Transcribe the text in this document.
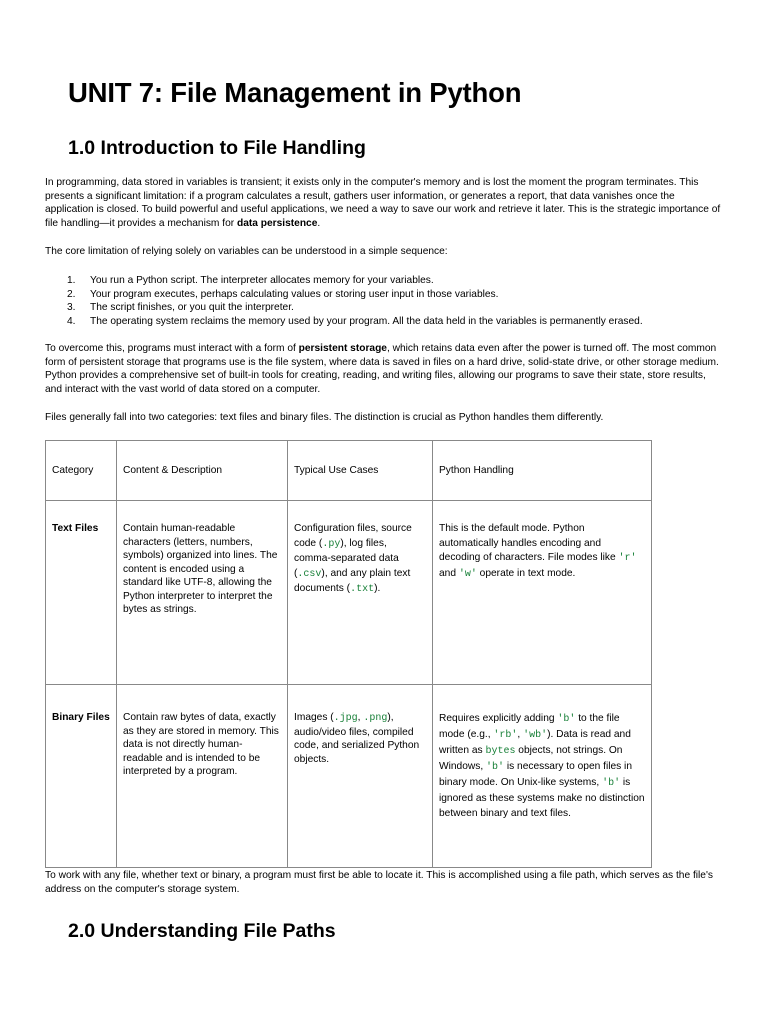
UNIT 7: File Management in Python
1.0 Introduction to File Handling

In programming, data stored in variables is transient; it exists only in the computer's memory and is lost the moment the program terminates. This presents a significant limitation: if a program calculates a result, gathers user information, or generates a report, that data vanishes once the application is closed. To build powerful and useful applications, we need a way to save our work and retrieve it later. This is the strategic importance of file handling—it provides a mechanism for data persistence.

The core limitation of relying solely on variables can be understood in a simple sequence:

1. You run a Python script. The interpreter allocates memory for your variables.
2. Your program executes, perhaps calculating values or storing user input in those variables.
3. The script finishes, or you quit the interpreter.
4. The operating system reclaims the memory used by your program. All the data held in the variables is permanently erased.

To overcome this, programs must interact with a form of persistent storage, which retains data even after the power is turned off. The most common form of persistent storage that programs use is the file system, where data is saved in files on a hard drive, solid-state drive, or other storage medium. Python provides a comprehensive set of built-in tools for creating, reading, and writing files, allowing our programs to save their state, store results, and interact with the vast world of data stored on a computer.

Files generally fall into two categories: text files and binary files. The distinction is crucial as Python handles them differently.

Category	Content & Description	Typical Use Cases	Python Handling
Text Files	Contain human-readable characters (letters, numbers, symbols) organized into lines. The content is encoded using a standard like UTF-8, allowing the Python interpreter to interpret the bytes as strings.	Configuration files, source code (.py), log files, comma-separated data (.csv), and any plain text documents (.txt).	This is the default mode. Python automatically handles encoding and decoding of characters. File modes like 'r' and 'w' operate in text mode.
Binary Files	Contain raw bytes of data, exactly as they are stored in memory. This data is not directly human-readable and is intended to be interpreted by a program.	Images (.jpg, .png), audio/video files, compiled code, and serialized Python objects.	Requires explicitly adding 'b' to the file mode (e.g., 'rb', 'wb'). Data is read and written as bytes objects, not strings. On Windows, 'b' is necessary to open files in binary mode. On Unix-like systems, 'b' is ignored as these systems make no distinction between binary and text files.

To work with any file, whether text or binary, a program must first be able to locate it. This is accomplished using a file path, which serves as the file's address on the computer's storage system.

2.0 Understanding File Paths
